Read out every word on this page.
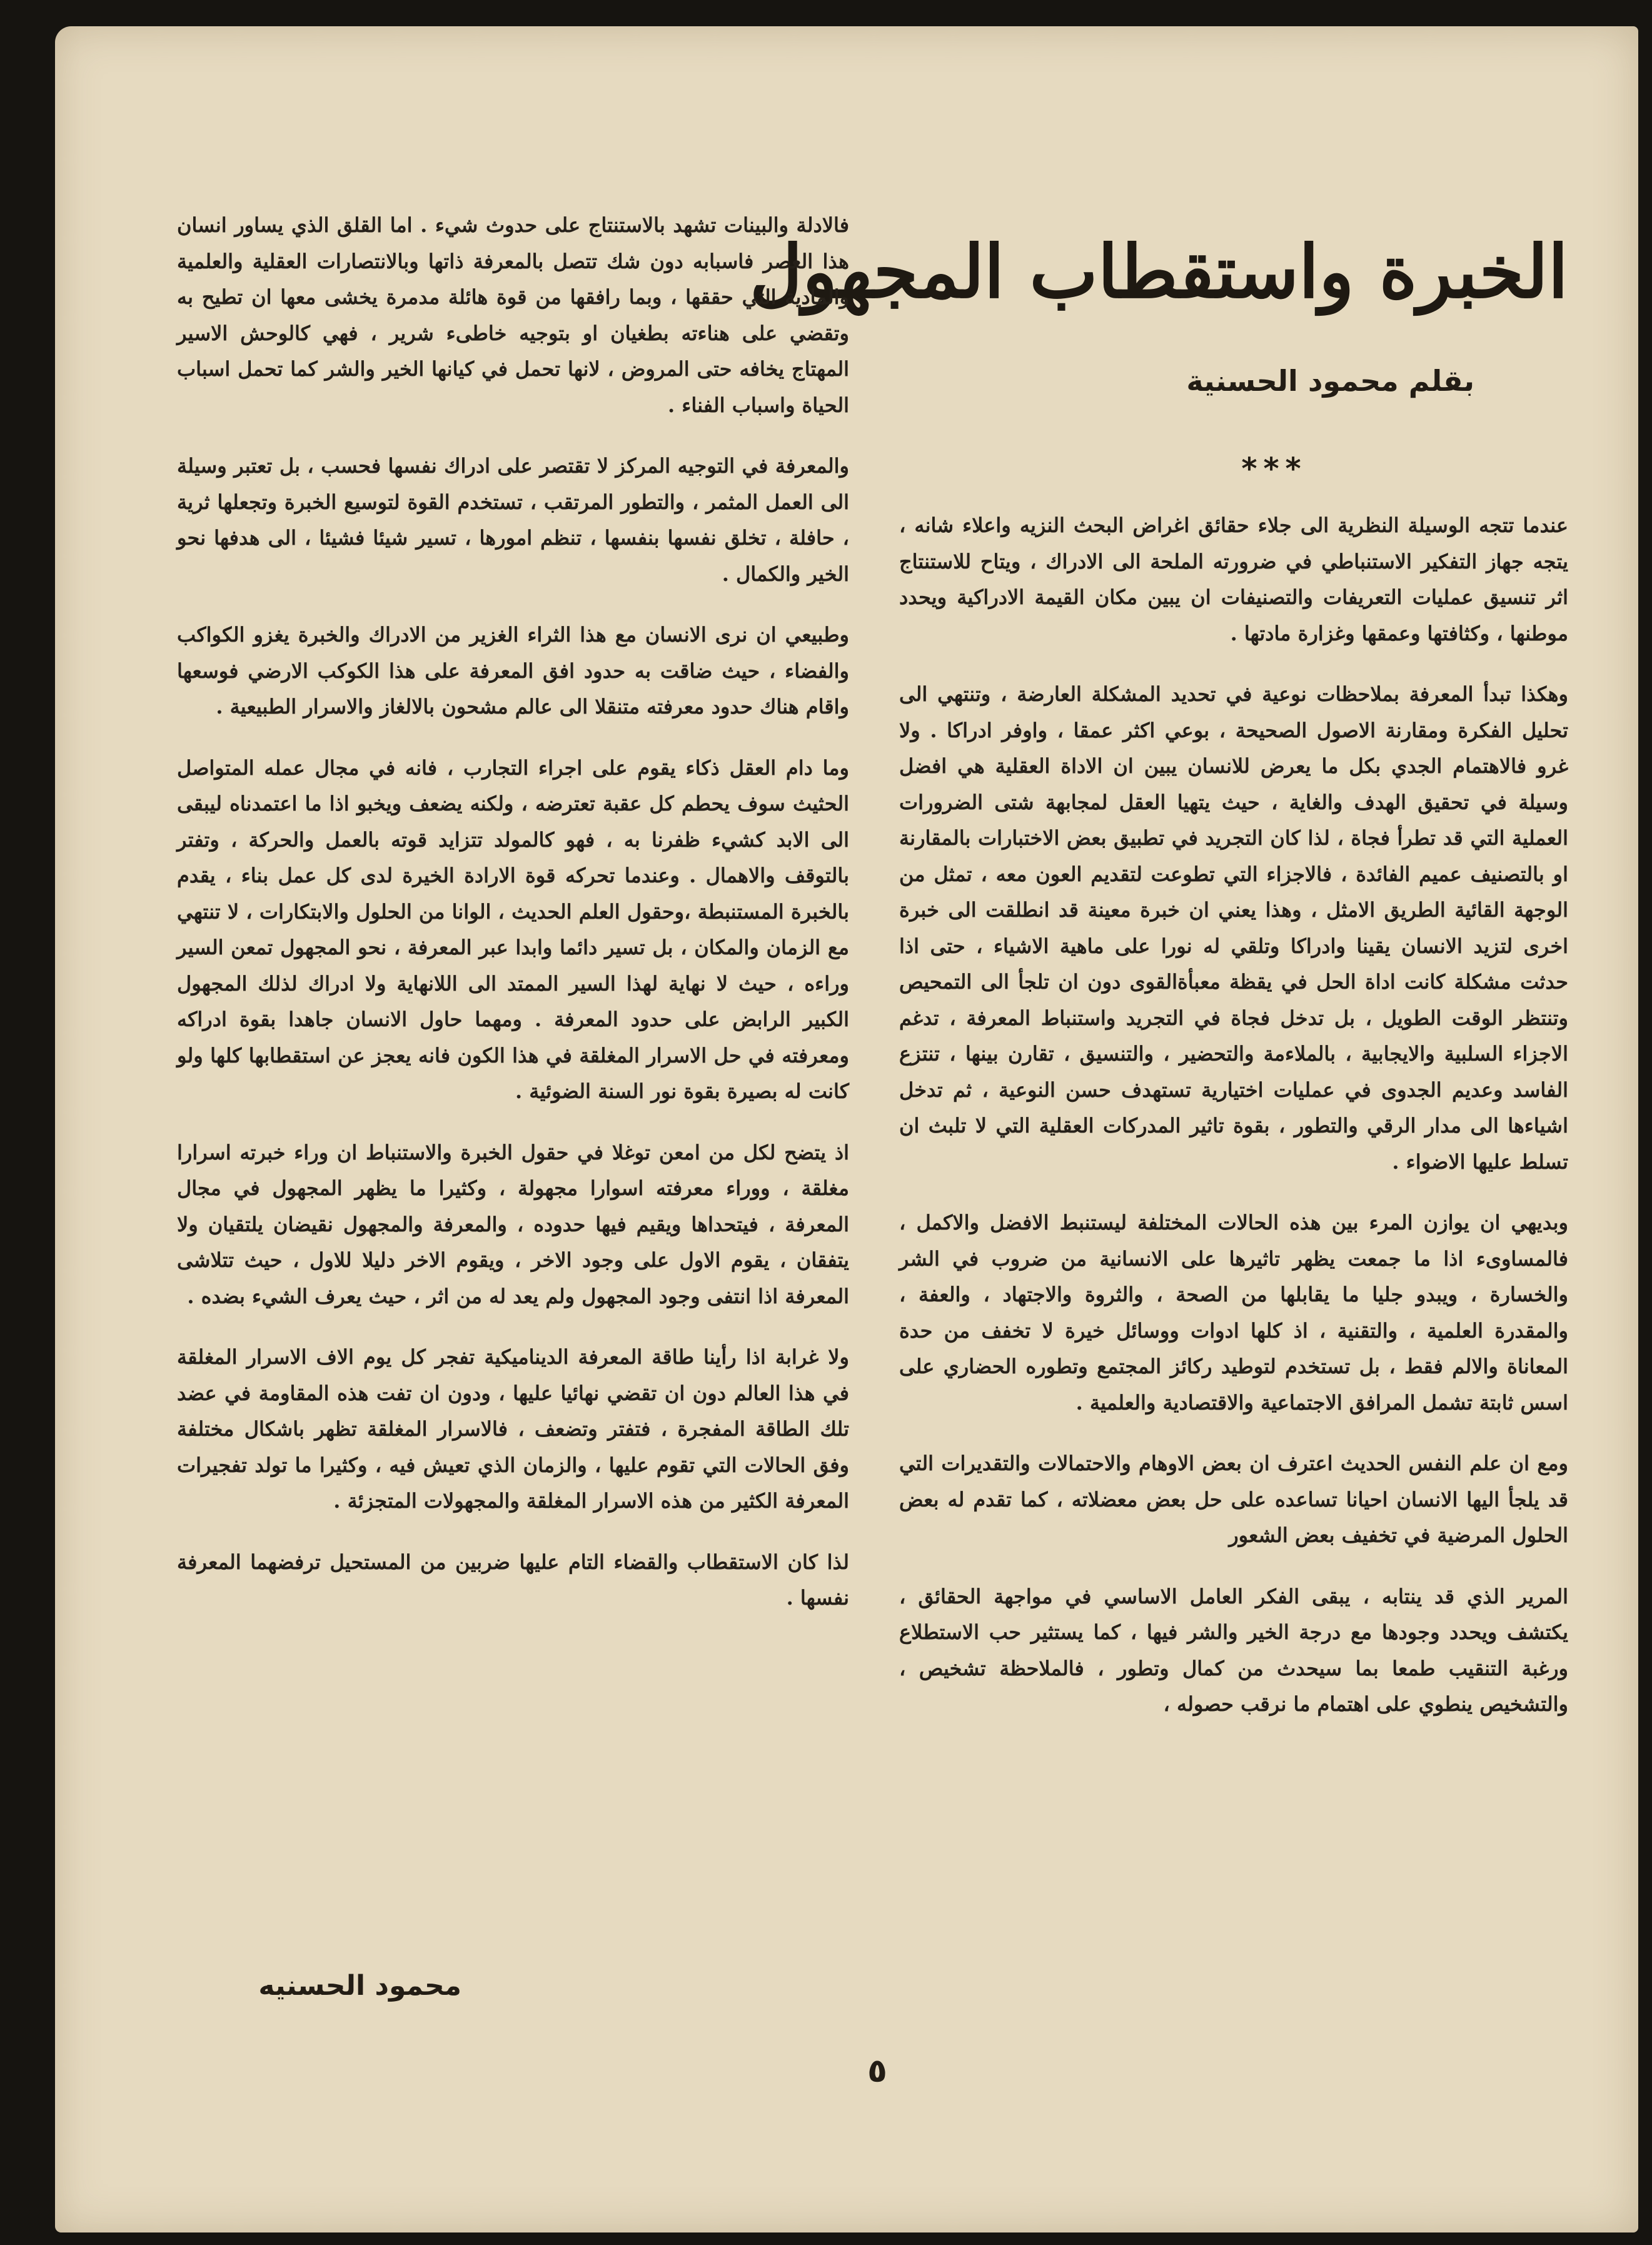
الخبرة واستقطاب المجهول
بقلم محمود الحسنية
***

عندما تتجه الوسيلة النظرية الى جلاء حقائق اغراض البحث النزيه واعلاء شانه ، يتجه جهاز التفكير الاستنباطي في ضرورته الملحة الى الادراك ، ويتاح للاستنتاج اثر تنسيق عمليات التعريفات والتصنيفات ان يبين مكان القيمة الادراكية ويحدد موطنها ، وكثافتها وعمقها وغزارة مادتها .

وهكذا تبدأ المعرفة بملاحظات نوعية في تحديد المشكلة العارضة ، وتنتهي الى تحليل الفكرة ومقارنة الاصول الصحيحة ، بوعي اكثر عمقا ، واوفر ادراكا . ولا غرو فالاهتمام الجدي بكل ما يعرض للانسان يبين ان الاداة العقلية هي افضل وسيلة في تحقيق الهدف والغاية ، حيث يتهيا العقل لمجابهة شتى الضرورات العملية التي قد تطرأ فجاة ، لذا كان التجريد في تطبيق بعض الاختبارات بالمقارنة او بالتصنيف عميم الفائدة ، فالاجزاء التي تطوعت لتقديم العون معه ، تمثل من الوجهة القائية الطريق الامثل ، وهذا يعني ان خبرة معينة قد انطلقت الى خبرة اخرى لتزيد الانسان يقينا وادراكا وتلقي له نورا على ماهية الاشياء ، حتى اذا حدثت مشكلة كانت اداة الحل في يقظة معبأةالقوى دون ان تلجأ الى التمحيص وتنتظر الوقت الطويل ، بل تدخل فجاة في التجريد واستنباط المعرفة ، تدغم الاجزاء السلبية والايجابية ، بالملاءمة والتحضير ، والتنسيق ، تقارن بينها ، تنتزع الفاسد وعديم الجدوى في عمليات اختيارية تستهدف حسن النوعية ، ثم تدخل اشياءها الى مدار الرقي والتطور ، بقوة تاثير المدركات العقلية التي لا تلبث ان تسلط عليها الاضواء .

وبديهي ان يوازن المرء بين هذه الحالات المختلفة ليستنبط الافضل والاكمل ، فالمساوىء اذا ما جمعت يظهر تاثيرها على الانسانية من ضروب في الشر والخسارة ، ويبدو جليا ما يقابلها من الصحة ، والثروة والاجتهاد ، والعفة ، والمقدرة العلمية ، والتقنية ، اذ كلها ادوات ووسائل خيرة لا تخفف من حدة المعاناة والالم فقط ، بل تستخدم لتوطيد ركائز المجتمع وتطوره الحضاري على اسس ثابتة تشمل المرافق الاجتماعية والاقتصادية والعلمية .

ومع ان علم النفس الحديث اعترف ان بعض الاوهام والاحتمالات والتقديرات التي قد يلجأ اليها الانسان احيانا تساعده على حل بعض معضلاته ، كما تقدم له بعض الحلول المرضية في تخفيف بعض الشعور

المرير الذي قد ينتابه ، يبقى الفكر العامل الاساسي في مواجهة الحقائق ، يكتشف ويحدد وجودها مع درجة الخير والشر فيها ، كما يستثير حب الاستطلاع ورغبة التنقيب طمعا بما سيحدث من كمال وتطور ، فالملاحظة تشخيص ، والتشخيص ينطوي على اهتمام ما نرقب حصوله ،

فالادلة والبينات تشهد بالاستنتاج على حدوث شيء . اما القلق الذي يساور انسان هذا العصر فاسبابه دون شك تتصل بالمعرفة ذاتها وبالانتصارات العقلية والعلمية والمادية التي حققها ، وبما رافقها من قوة هائلة مدمرة يخشى معها ان تطيح به وتقضي على هناءته بطغيان او بتوجيه خاطىء شرير ، فهي كالوحش الاسير المهتاج يخافه حتى المروض ، لانها تحمل في كيانها الخير والشر كما تحمل اسباب الحياة واسباب الفناء .

والمعرفة في التوجيه المركز لا تقتصر على ادراك نفسها فحسب ، بل تعتبر وسيلة الى العمل المثمر ، والتطور المرتقب ، تستخدم القوة لتوسيع الخبرة وتجعلها ثرية ، حافلة ، تخلق نفسها بنفسها ، تنظم امورها ، تسير شيئا فشيئا ، الى هدفها نحو الخير والكمال .

وطبيعي ان نرى الانسان مع هذا الثراء الغزير من الادراك والخبرة يغزو الكواكب والفضاء ، حيث ضاقت به حدود افق المعرفة على هذا الكوكب الارضي فوسعها واقام هناك حدود معرفته متنقلا الى عالم مشحون بالالغاز والاسرار الطبيعية .

وما دام العقل ذكاء يقوم على اجراء التجارب ، فانه في مجال عمله المتواصل الحثيث سوف يحطم كل عقبة تعترضه ، ولكنه يضعف ويخبو اذا ما اعتمدناه ليبقى الى الابد كشيء ظفرنا به ، فهو كالمولد تتزايد قوته بالعمل والحركة ، وتفتر بالتوقف والاهمال . وعندما تحركه قوة الارادة الخيرة لدى كل عمل بناء ، يقدم بالخبرة المستنبطة ،وحقول العلم الحديث ، الوانا من الحلول والابتكارات ، لا تنتهي مع الزمان والمكان ، بل تسير دائما وابدا عبر المعرفة ، نحو المجهول تمعن السير وراءه ، حيث لا نهاية لهذا السير الممتد الى اللانهاية ولا ادراك لذلك المجهول الكبير الرابض على حدود المعرفة . ومهما حاول الانسان جاهدا بقوة ادراكه ومعرفته في حل الاسرار المغلقة في هذا الكون فانه يعجز عن استقطابها كلها ولو كانت له بصيرة بقوة نور السنة الضوئية .

اذ يتضح لكل من امعن توغلا في حقول الخبرة والاستنباط ان وراء خبرته اسرارا مغلقة ، ووراء معرفته اسوارا مجهولة ، وكثيرا ما يظهر المجهول في مجال المعرفة ، فيتحداها ويقيم فيها حدوده ، والمعرفة والمجهول نقيضان يلتقيان ولا يتفقان ، يقوم الاول على وجود الاخر ، ويقوم الاخر دليلا للاول ، حيث تتلاشى المعرفة اذا انتفى وجود المجهول ولم يعد له من اثر ، حيث يعرف الشيء بضده .

ولا غرابة اذا رأينا طاقة المعرفة الديناميكية تفجر كل يوم الاف الاسرار المغلقة في هذا العالم دون ان تقضي نهائيا عليها ، ودون ان تفت هذه المقاومة في عضد تلك الطاقة المفجرة ، فتفتر وتضعف ، فالاسرار المغلقة تظهر باشكال مختلفة وفق الحالات التي تقوم عليها ، والزمان الذي تعيش فيه ، وكثيرا ما تولد تفجيرات المعرفة الكثير من هذه الاسرار المغلقة والمجهولات المتجزئة .

لذا كان الاستقطاب والقضاء التام عليها ضربين من المستحيل ترفضهما المعرفة نفسها .

محمود الحسنيه
٥
